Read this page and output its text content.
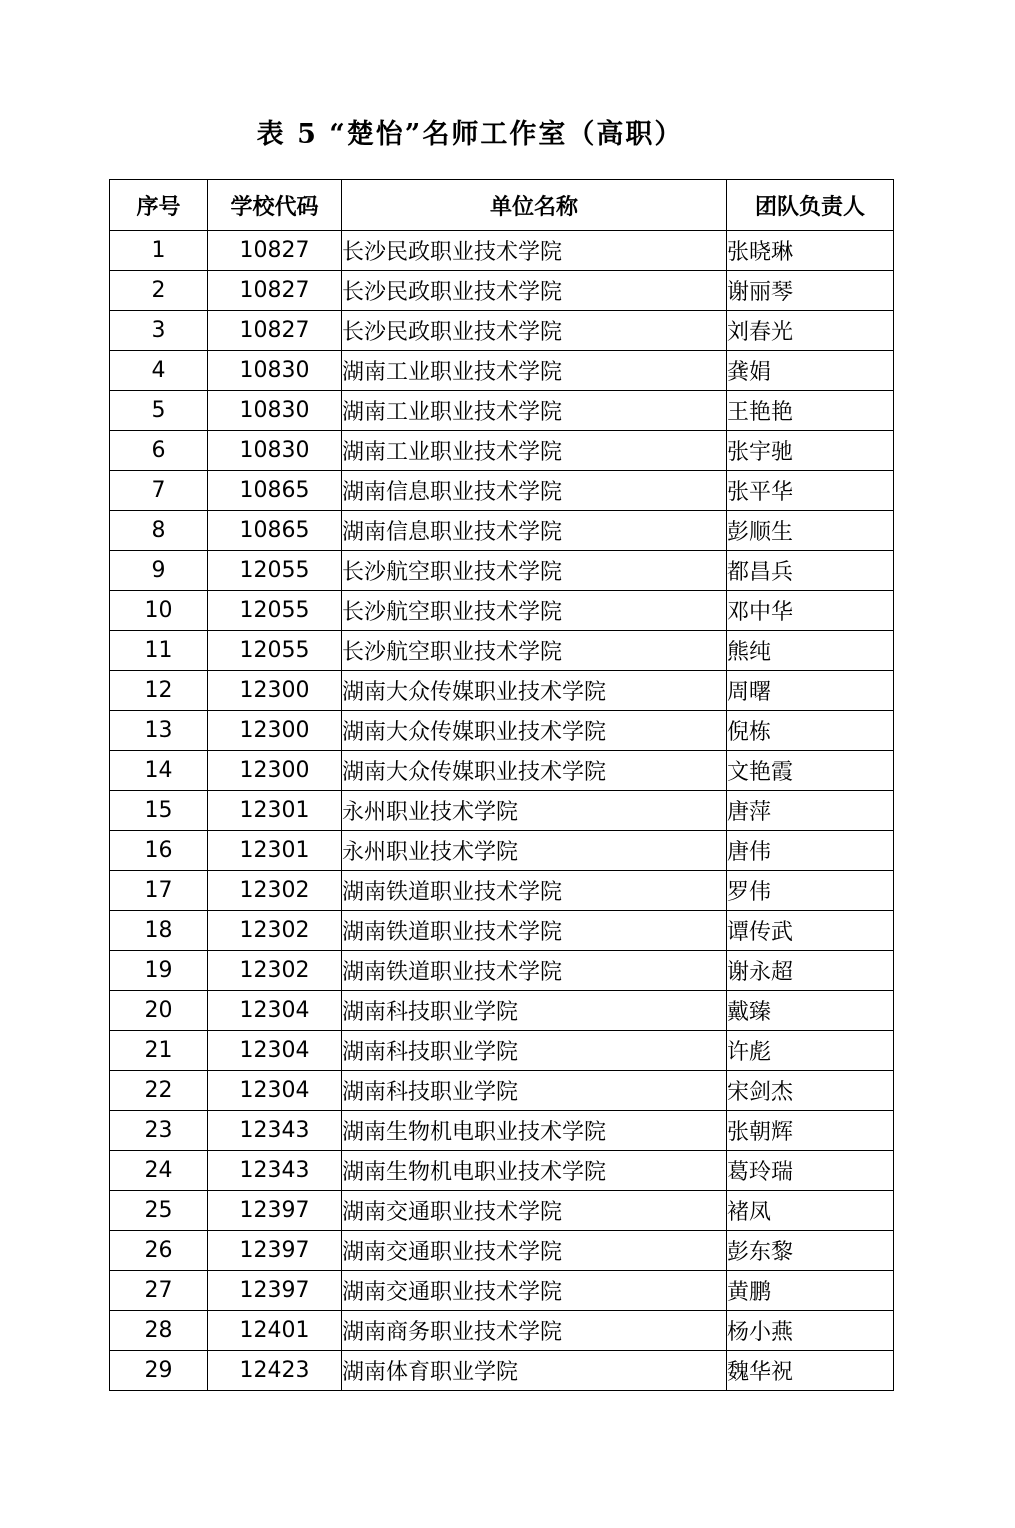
表 5 “楚怡”名师工作室（高职）
序号	学校代码	单位名称	团队负责人
1	10827	长沙民政职业技术学院	张晓琳
2	10827	长沙民政职业技术学院	谢丽琴
3	10827	长沙民政职业技术学院	刘春光
4	10830	湖南工业职业技术学院	龚娟
5	10830	湖南工业职业技术学院	王艳艳
6	10830	湖南工业职业技术学院	张宇驰
7	10865	湖南信息职业技术学院	张平华
8	10865	湖南信息职业技术学院	彭顺生
9	12055	长沙航空职业技术学院	都昌兵
10	12055	长沙航空职业技术学院	邓中华
11	12055	长沙航空职业技术学院	熊纯
12	12300	湖南大众传媒职业技术学院	周曙
13	12300	湖南大众传媒职业技术学院	倪栋
14	12300	湖南大众传媒职业技术学院	文艳霞
15	12301	永州职业技术学院	唐萍
16	12301	永州职业技术学院	唐伟
17	12302	湖南铁道职业技术学院	罗伟
18	12302	湖南铁道职业技术学院	谭传武
19	12302	湖南铁道职业技术学院	谢永超
20	12304	湖南科技职业学院	戴臻
21	12304	湖南科技职业学院	许彪
22	12304	湖南科技职业学院	宋剑杰
23	12343	湖南生物机电职业技术学院	张朝辉
24	12343	湖南生物机电职业技术学院	葛玲瑞
25	12397	湖南交通职业技术学院	褚凤
26	12397	湖南交通职业技术学院	彭东黎
27	12397	湖南交通职业技术学院	黄鹏
28	12401	湖南商务职业技术学院	杨小燕
29	12423	湖南体育职业学院	魏华祝
